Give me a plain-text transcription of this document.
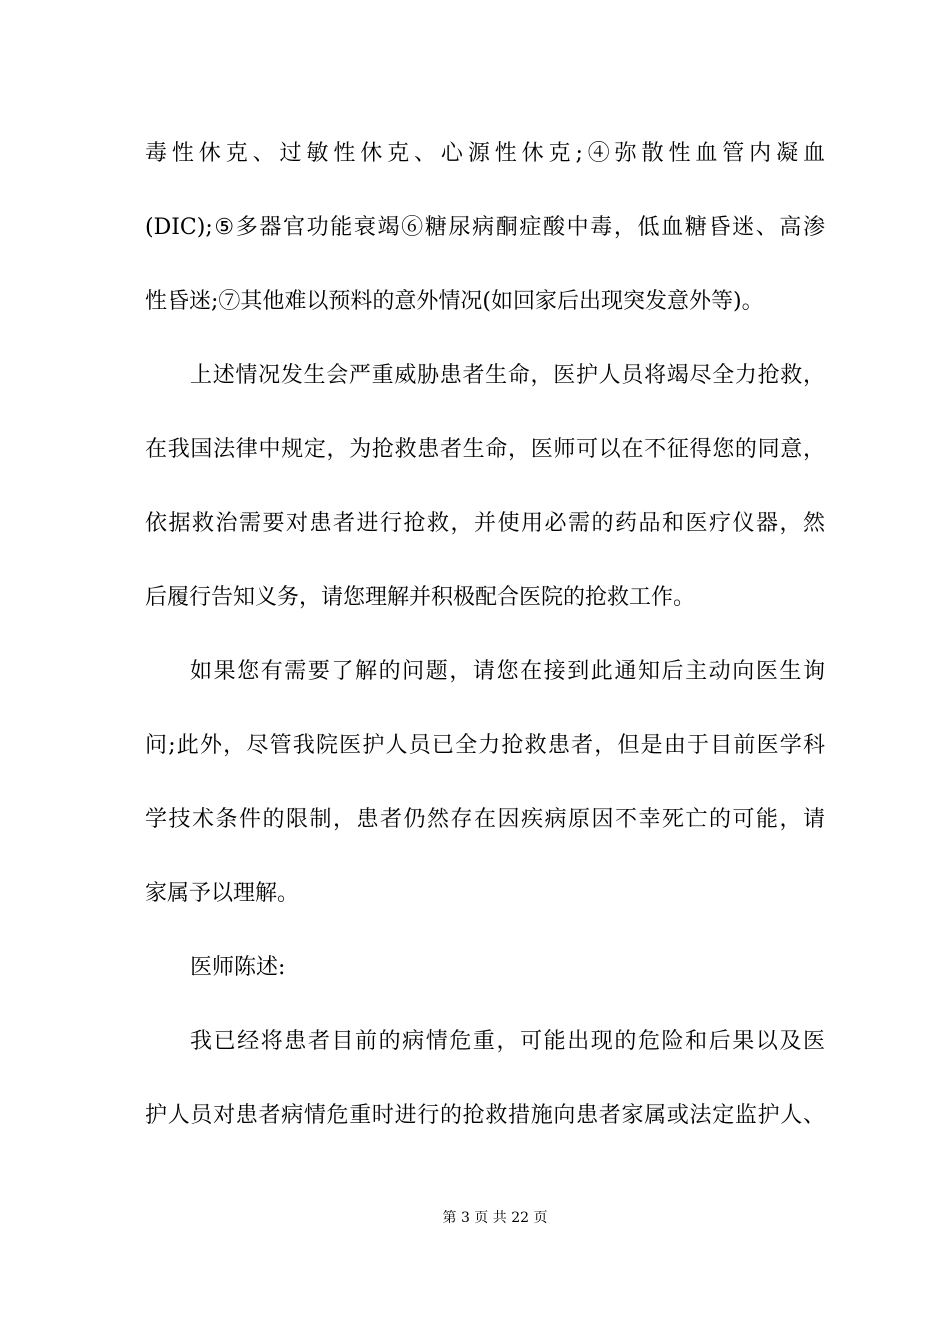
毒性休克、过敏性休克、心源性休克;④弥散性血管内凝血
(DIC);⑤多器官功能衰竭⑥糖尿病酮症酸中毒，低血糖昏迷、高渗
性昏迷;⑦其他难以预料的意外情况(如回家后出现突发意外等)。
上述情况发生会严重威胁患者生命，医护人员将竭尽全力抢救，
在我国法律中规定，为抢救患者生命，医师可以在不征得您的同意，
依据救治需要对患者进行抢救，并使用必需的药品和医疗仪器，然
后履行告知义务，请您理解并积极配合医院的抢救工作。
如果您有需要了解的问题，请您在接到此通知后主动向医生询
问;此外，尽管我院医护人员已全力抢救患者，但是由于目前医学科
学技术条件的限制，患者仍然存在因疾病原因不幸死亡的可能，请
家属予以理解。
医师陈述:
我已经将患者目前的病情危重，可能出现的危险和后果以及医
护人员对患者病情危重时进行的抢救措施向患者家属或法定监护人、
第 3 页 共 22 页
